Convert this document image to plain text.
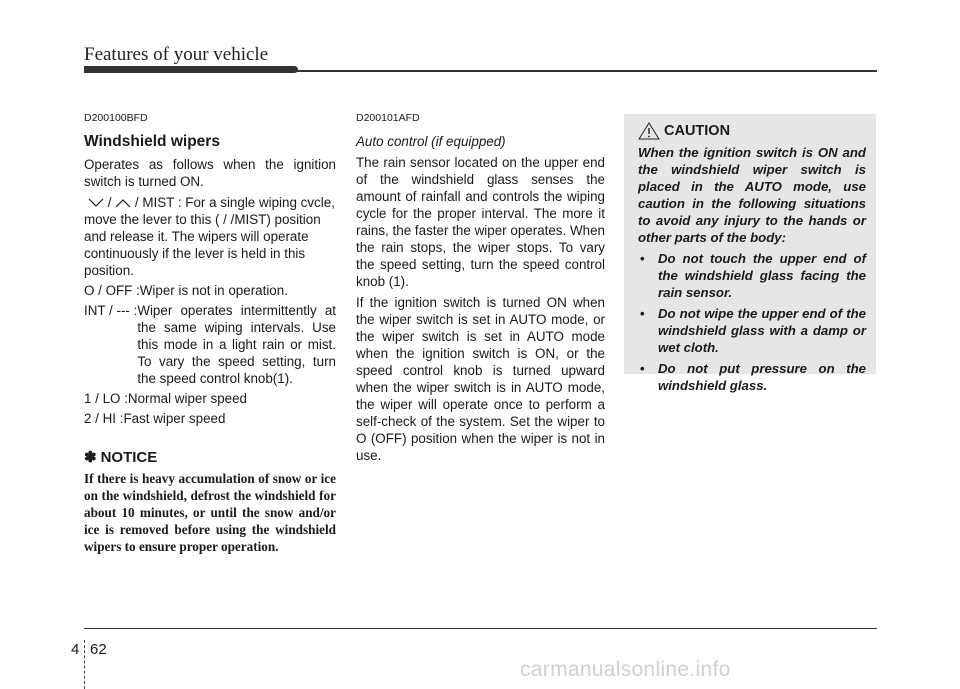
Features of your vehicle
D200100BFD
Windshield wipers

Operates as follows when the ignition switch is turned ON.

/  / MIST : For a single wiping cvcle, move the lever to this ( / /MIST) position and release it. The wipers will operate continuously if the lever is held in this position.
O / OFF : Wiper is not in operation.
INT / --- : Wiper operates intermittently at the same wiping intervals. Use this mode in a light rain or mist. To vary the speed setting, turn the speed control knob(1).
1 / LO : Normal wiper speed
2 / HI : Fast wiper speed
✽ NOTICE

If there is heavy accumulation of snow or ice on the windshield, defrost the windshield for about 10 minutes, or until the snow and/or ice is removed before using the windshield wipers to ensure proper operation.

D200101AFD
Auto control (if equipped)

The rain sensor located on the upper end of the windshield glass senses the amount of rainfall and controls the wiping cycle for the proper interval. The more it rains, the faster the wiper operates. When the rain stops, the wiper stops. To vary the speed setting, turn the speed control knob (1).

If the ignition switch is turned ON when the wiper switch is set in AUTO mode, or the wiper switch is set in AUTO mode when the ignition switch is ON, or the speed control knob is turned upward when the wiper switch is in AUTO mode, the wiper will operate once to perform a self-check of the system. Set the wiper to O (OFF) position when the wiper is not in use.

CAUTION

When the ignition switch is ON and the windshield wiper switch is placed in the AUTO mode, use caution in the following situations to avoid any injury to the hands or other parts of the body:

• Do not touch the upper end of the windshield glass facing the rain sensor.
• Do not wipe the upper end of the windshield glass with a damp or wet cloth.
• Do not put pressure on the windshield glass.
4 62
carmanualsonline.info
